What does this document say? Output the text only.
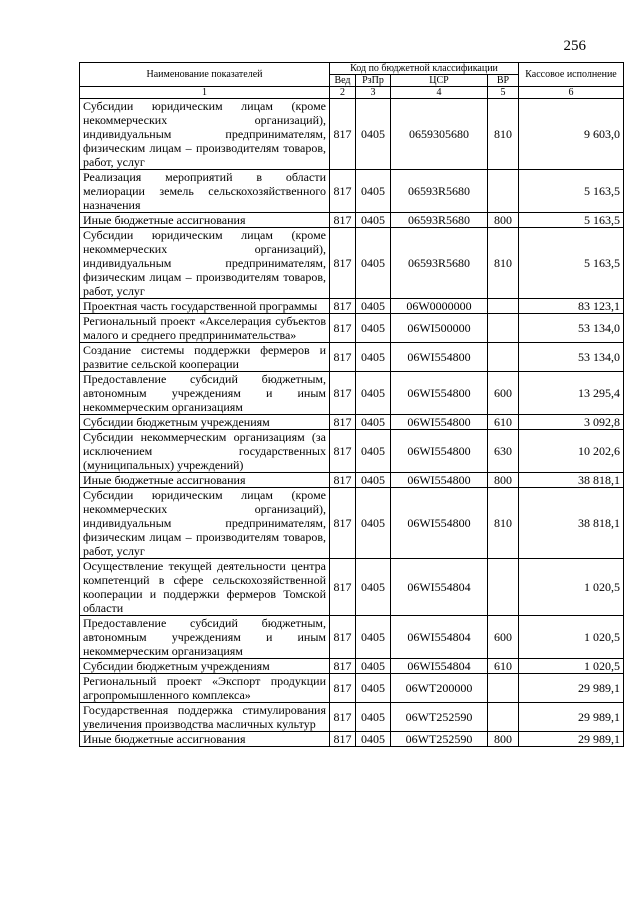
256
Наименование показателей	Код по бюджетной классификации				Кассовое исполнение
	Вед	РзПр	ЦСР	ВР	
1	2	3	4	5	6
Субсидии юридическим лицам (кроме некоммерческих организаций), индивидуальным предпринимателям, физическим лицам – производителям товаров, работ, услуг	817	0405	0659305680	810	9 603,0
Реализация мероприятий в области мелиорации земель сельскохозяйственного назначения	817	0405	06593R5680		5 163,5
Иные бюджетные ассигнования	817	0405	06593R5680	800	5 163,5
Субсидии юридическим лицам (кроме некоммерческих организаций), индивидуальным предпринимателям, физическим лицам – производителям товаров, работ, услуг	817	0405	06593R5680	810	5 163,5
Проектная часть государственной программы	817	0405	06W0000000		83 123,1
Региональный проект «Акселерация субъектов малого и среднего предпринимательства»	817	0405	06WI500000		53 134,0
Создание системы поддержки фермеров и развитие сельской кооперации	817	0405	06WI554800		53 134,0
Предоставление субсидий бюджетным, автономным учреждениям и иным некоммерческим организациям	817	0405	06WI554800	600	13 295,4
Субсидии бюджетным учреждениям	817	0405	06WI554800	610	3 092,8
Субсидии некоммерческим организациям (за исключением государственных (муниципальных) учреждений)	817	0405	06WI554800	630	10 202,6
Иные бюджетные ассигнования	817	0405	06WI554800	800	38 818,1
Субсидии юридическим лицам (кроме некоммерческих организаций), индивидуальным предпринимателям, физическим лицам – производителям товаров, работ, услуг	817	0405	06WI554800	810	38 818,1
Осуществление текущей деятельности центра компетенций в сфере сельскохозяйственной кооперации и поддержки фермеров Томской области	817	0405	06WI554804		1 020,5
Предоставление субсидий бюджетным, автономным учреждениям и иным некоммерческим организациям	817	0405	06WI554804	600	1 020,5
Субсидии бюджетным учреждениям	817	0405	06WI554804	610	1 020,5
Региональный проект «Экспорт продукции агропромышленного комплекса»	817	0405	06WT200000		29 989,1
Государственная поддержка стимулирования увеличения производства масличных культур	817	0405	06WT252590		29 989,1
Иные бюджетные ассигнования	817	0405	06WT252590	800	29 989,1
